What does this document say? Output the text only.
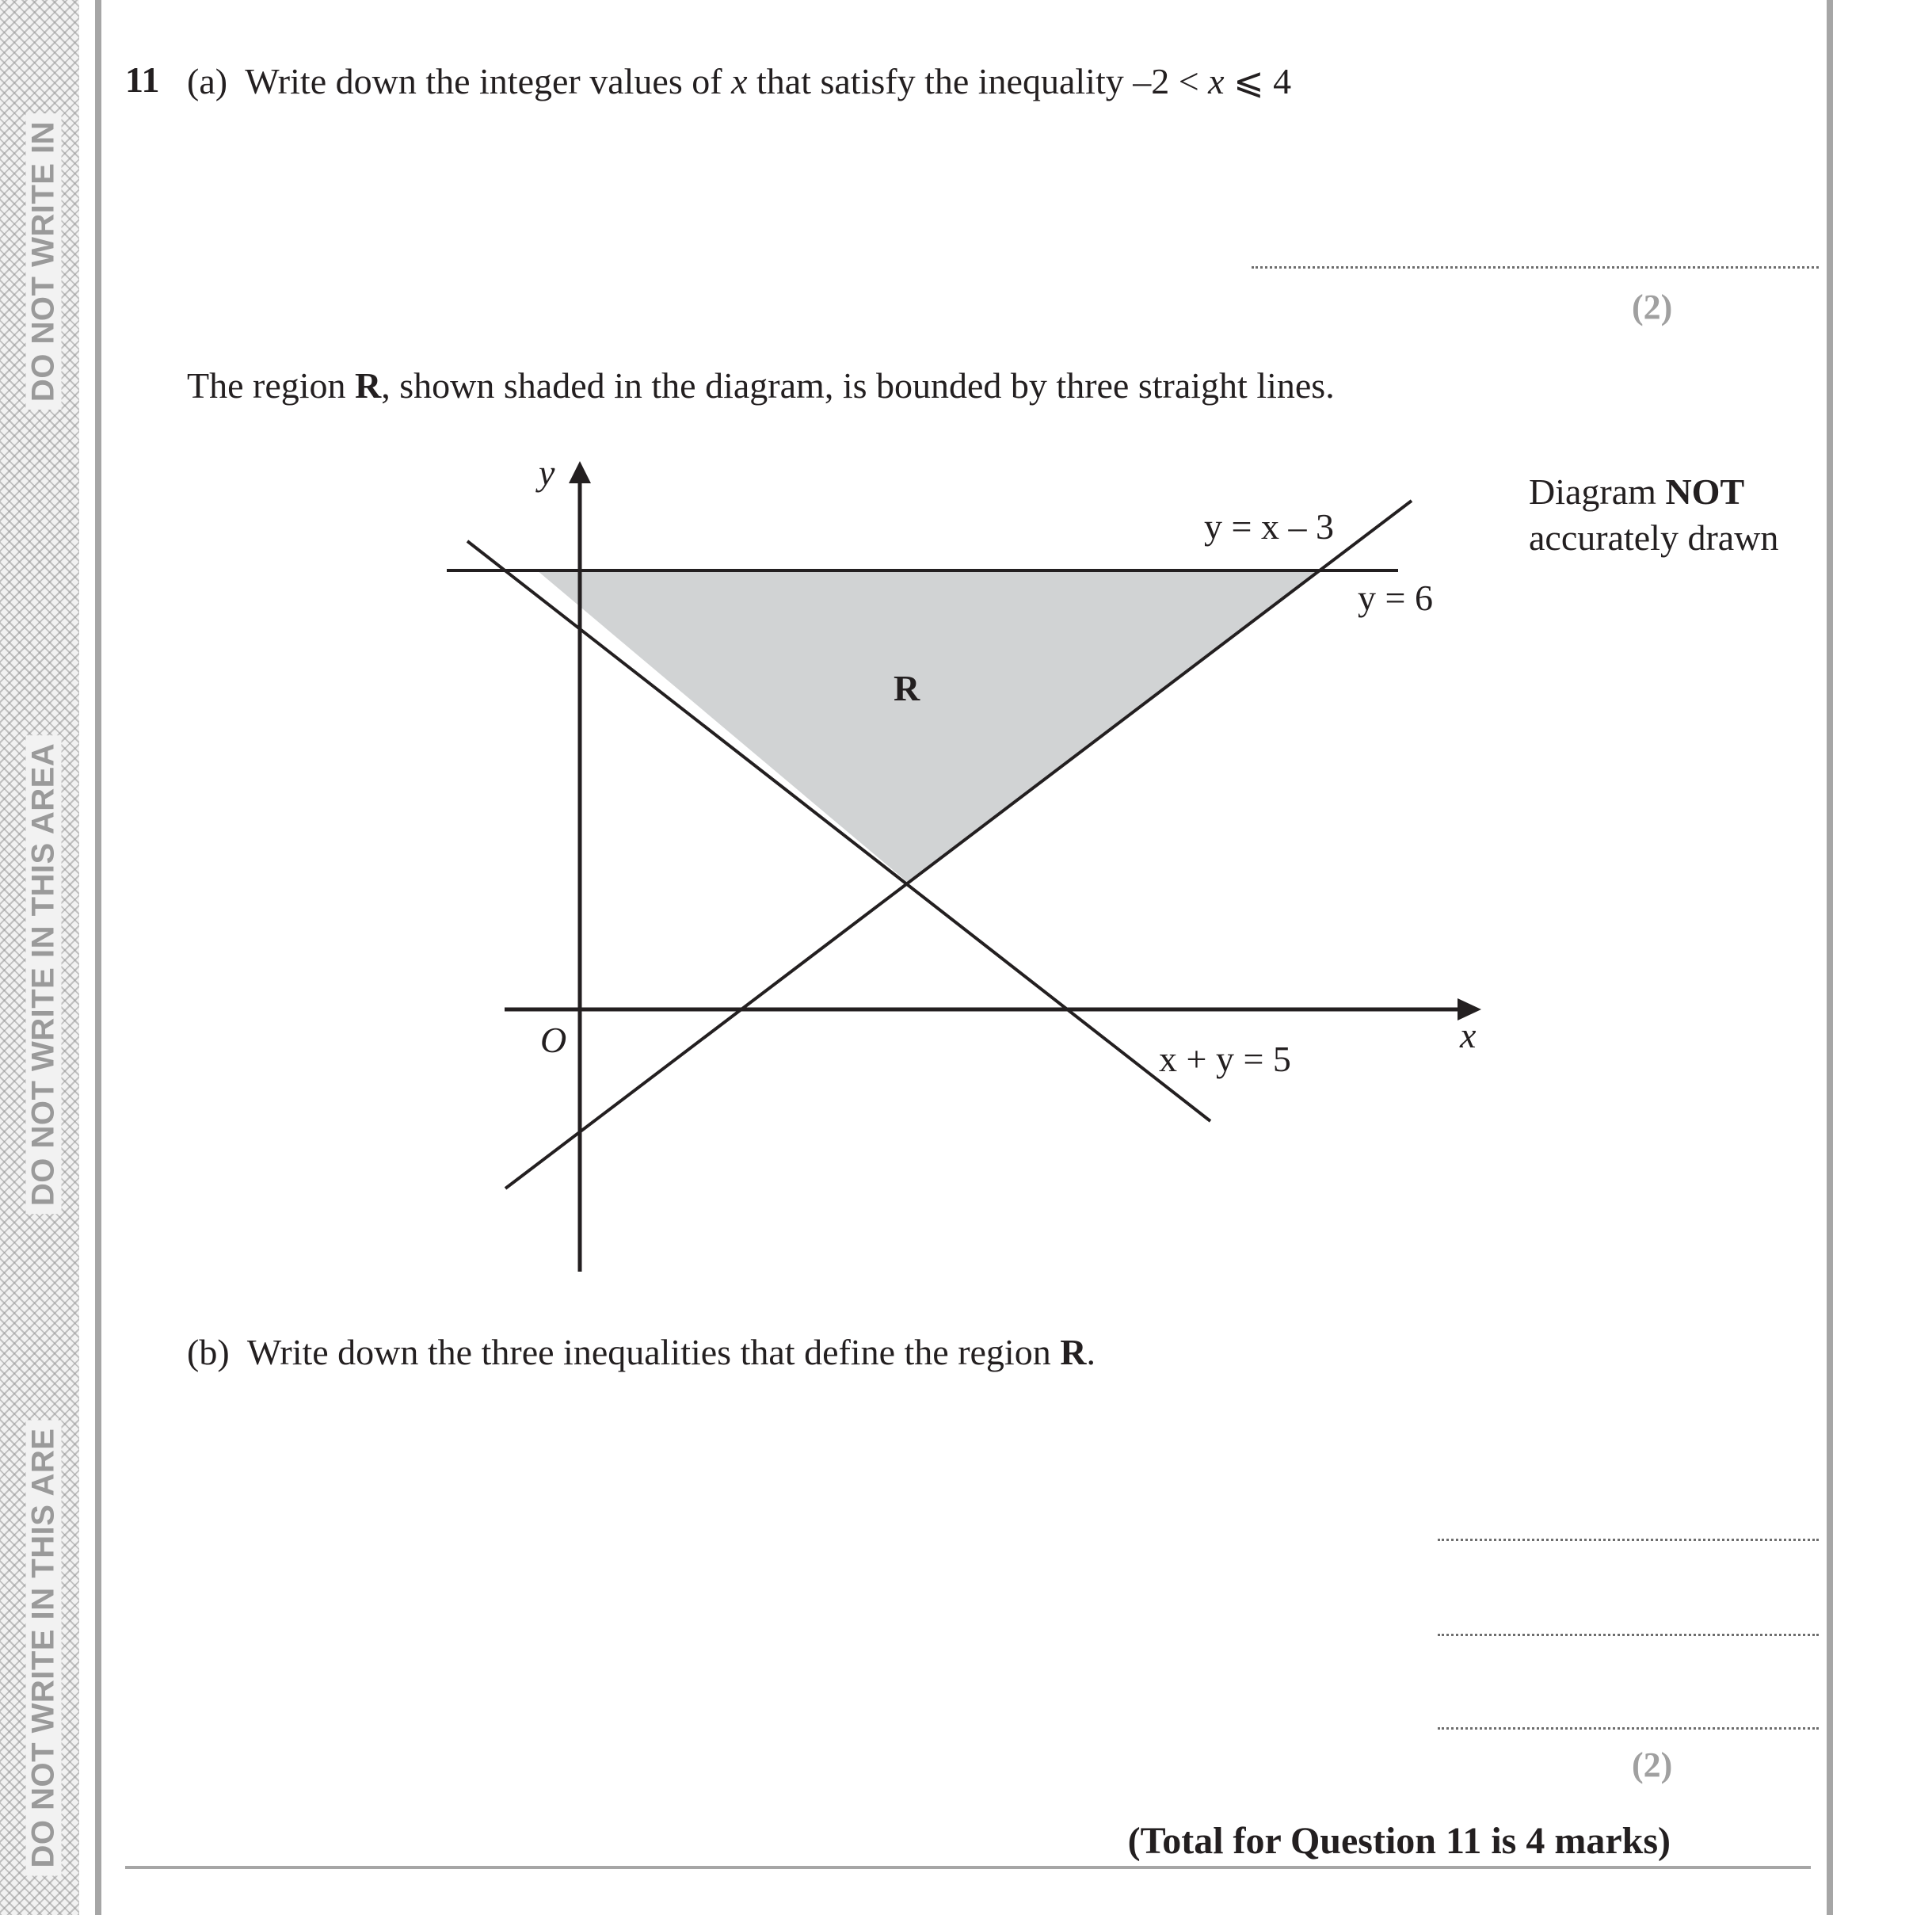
DO NOT WRITE IN
DO NOT WRITE IN THIS AREA
DO NOT WRITE IN THIS ARE
11 (a) Write down the integer values of x that satisfy the inequality –2 < x ⩽ 4
(2)
The region R, shown shaded in the diagram, is bounded by three straight lines.
Diagram NOT
accurately drawn
y
x
O
R
y = x – 3
y = 6
x + y = 5
(b) Write down the three inequalities that define the region R.
(2)
(Total for Question 11 is 4 marks)
